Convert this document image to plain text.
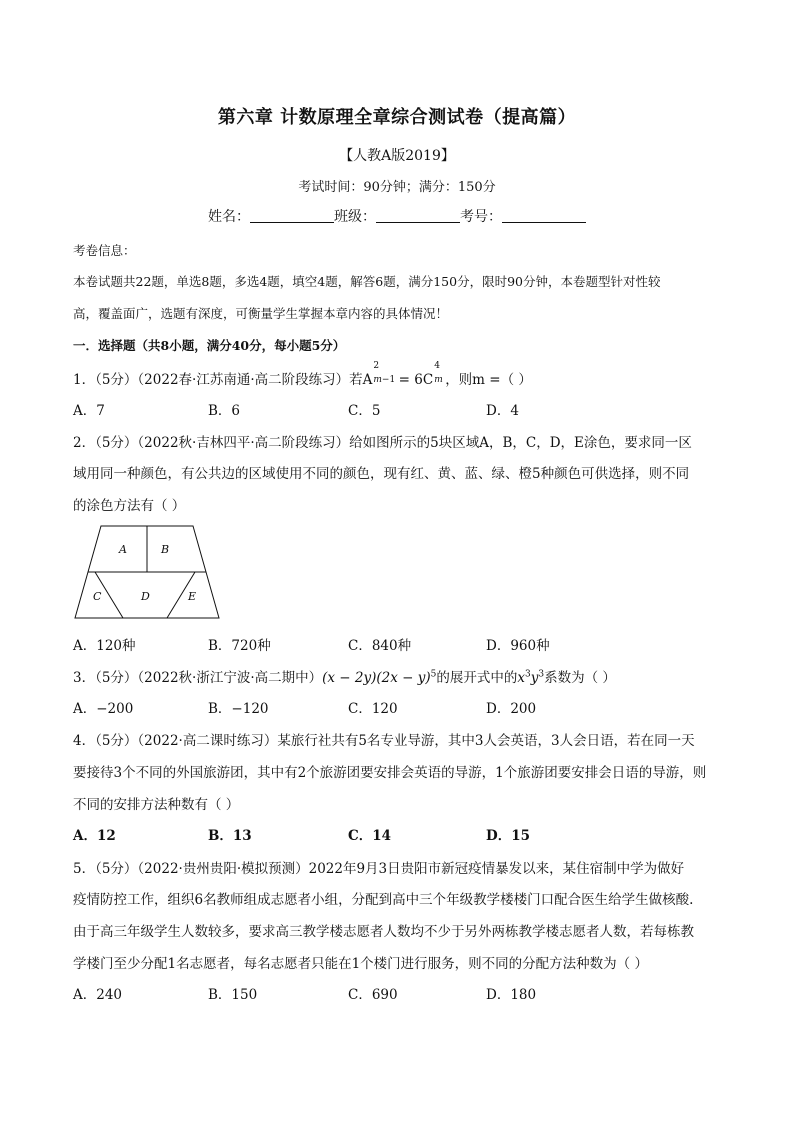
第六章 计数原理全章综合测试卷（提高篇）
【人教A版2019】
考试时间：90分钟；满分：150分
姓名：	班级：	考号：
考卷信息：
本卷试题共22题，单选8题，多选4题，填空4题，解答6题，满分150分，限时90分钟，本卷题型针对性较
高，覆盖面广，选题有深度，可衡量学生掌握本章内容的具体情况！
一．选择题（共8小题，满分40分，每小题5分）
1．（5分）（2022春·江苏南通·高二阶段练习）若A
2
m−1 = 6C
4
m ，则m =（ ）
A．7	B．6	C．5	D．4
2．（5分）（2022秋·吉林四平·高二阶段练习）给如图所示的5块区域A，B，C，D，E涂色，要求同一区
域用同一种颜色，有公共边的区域使用不同的颜色，现有红、黄、蓝、绿、橙5种颜色可供选择，则不同
的涂色方法有（ ）
A	B
C	D	E
A．120种	B．720种	C．840种	D．960种
3．（5分）（2022秋·浙江宁波·高二期中）$(x - 2y)(2x - y)^5$的展开式中的$x^3y^3$系数为（ ）
A．−200	B．−120	C．120	D．200
4．（5分）（2022·高二课时练习）某旅行社共有5名专业导游，其中3人会英语，3人会日语，若在同一天
要接待3个不同的外国旅游团，其中有2个旅游团要安排会英语的导游，1个旅游团要安排会日语的导游，则
不同的安排方法种数有（ ）
A．12	B．13	C．14	D．15
5．（5分）（2022·贵州贵阳·模拟预测）2022年9月3日贵阳市新冠疫情暴发以来，某住宿制中学为做好
疫情防控工作，组织6名教师组成志愿者小组，分配到高中三个年级教学楼楼门口配合医生给学生做核酸.
由于高三年级学生人数较多，要求高三教学楼志愿者人数均不少于另外两栋教学楼志愿者人数，若每栋教
学楼门至少分配1名志愿者，每名志愿者只能在1个楼门进行服务，则不同的分配方法种数为（ ）
A．240	B．150	C．690	D．180
